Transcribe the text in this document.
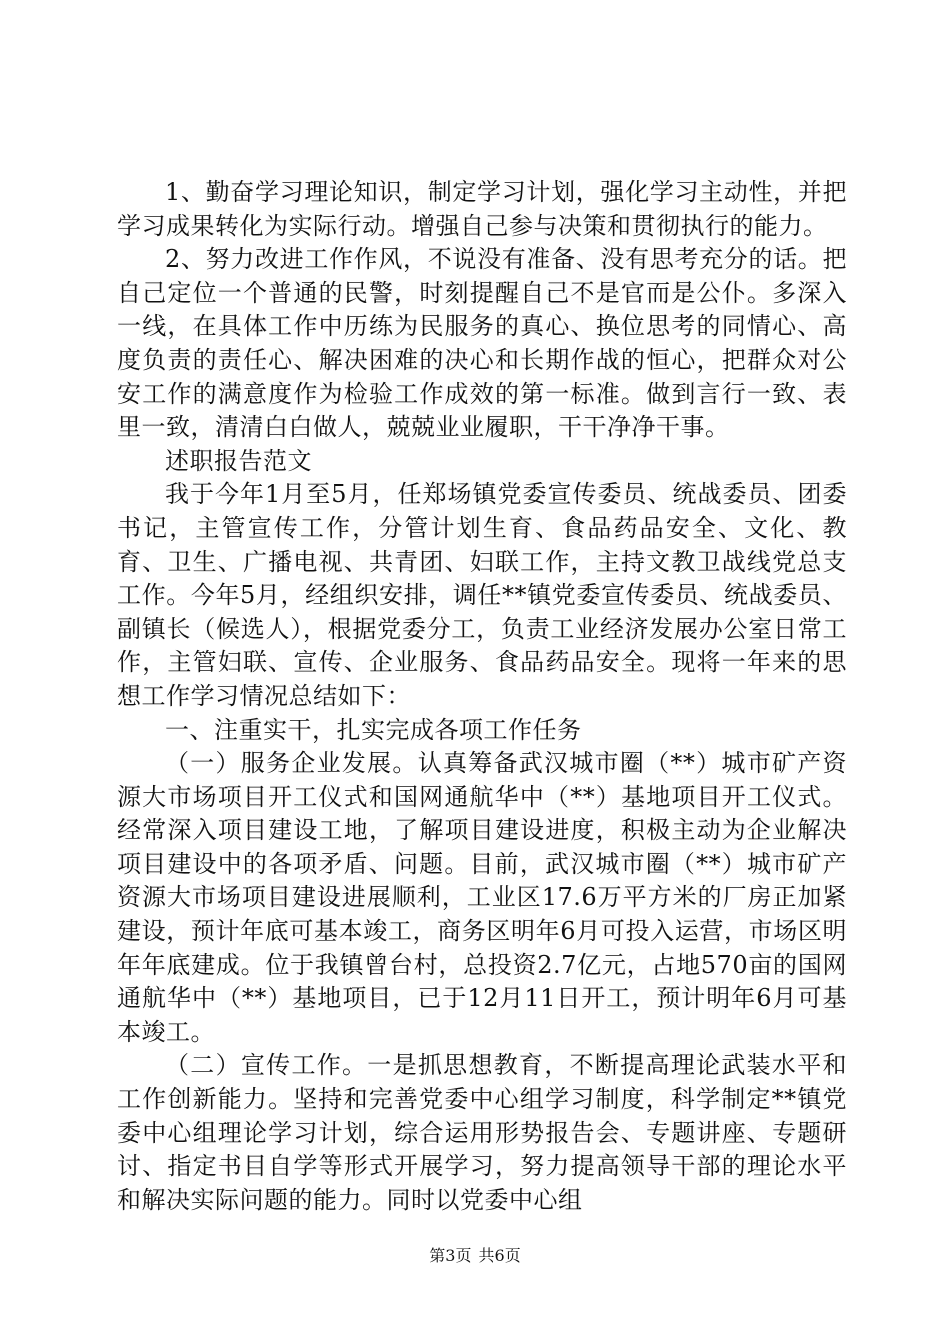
1、勤奋学习理论知识，制定学习计划，强化学习主动性，并把学习成果转化为实际行动。增强自己参与决策和贯彻执行的能力。

2、努力改进工作作风，不说没有准备、没有思考充分的话。把自己定位一个普通的民警，时刻提醒自己不是官而是公仆。多深入一线，在具体工作中历练为民服务的真心、换位思考的同情心、高度负责的责任心、解决困难的决心和长期作战的恒心，把群众对公安工作的满意度作为检验工作成效的第一标准。做到言行一致、表里一致，清清白白做人，兢兢业业履职，干干净净干事。

述职报告范文

我于今年1月至5月，任郑场镇党委宣传委员、统战委员、团委书记，主管宣传工作，分管计划生育、食品药品安全、文化、教育、卫生、广播电视、共青团、妇联工作，主持文教卫战线党总支工作。今年5月，经组织安排，调任**镇党委宣传委员、统战委员、副镇长（候选人），根据党委分工，负责工业经济发展办公室日常工作，主管妇联、宣传、企业服务、食品药品安全。现将一年来的思想工作学习情况总结如下：

一、注重实干，扎实完成各项工作任务

（一）服务企业发展。认真筹备武汉城市圈（**）城市矿产资源大市场项目开工仪式和国网通航华中（**）基地项目开工仪式。经常深入项目建设工地，了解项目建设进度，积极主动为企业解决项目建设中的各项矛盾、问题。目前，武汉城市圈（**）城市矿产资源大市场项目建设进展顺利，工业区17.6万平方米的厂房正加紧建设，预计年底可基本竣工，商务区明年6月可投入运营，市场区明年年底建成。位于我镇曾台村，总投资2.7亿元，占地570亩的国网通航华中（**）基地项目，已于12月11日开工，预计明年6月可基本竣工。

（二）宣传工作。一是抓思想教育，不断提高理论武装水平和工作创新能力。坚持和完善党委中心组学习制度，科学制定**镇党委中心组理论学习计划，综合运用形势报告会、专题讲座、专题研讨、指定书目自学等形式开展学习，努力提高领导干部的理论水平和解决实际问题的能力。同时以党委中心组

第3页 共6页
